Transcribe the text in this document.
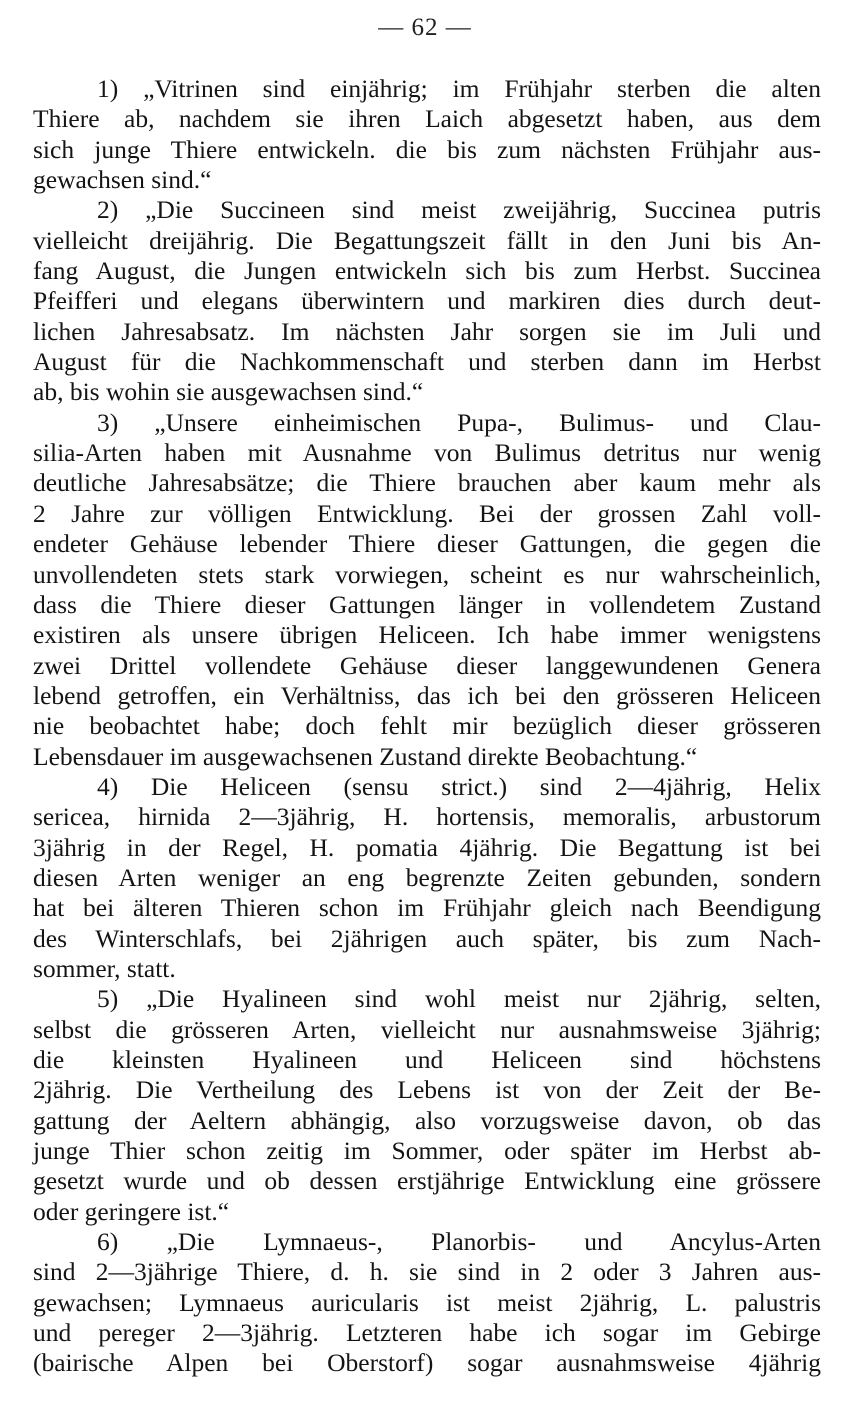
— 62 —
1) „Vitrinen sind einjährig; im Frühjahr sterben die alten
Thiere ab, nachdem sie ihren Laich abgesetzt haben, aus dem
sich junge Thiere entwickeln. die bis zum nächsten Frühjahr aus-
gewachsen sind.“
2) „Die Succineen sind meist zweijährig, Succinea putris
vielleicht dreijährig. Die Begattungszeit fällt in den Juni bis An-
fang August, die Jungen entwickeln sich bis zum Herbst. Succinea
Pfeifferi und elegans überwintern und markiren dies durch deut-
lichen Jahresabsatz. Im nächsten Jahr sorgen sie im Juli und
August für die Nachkommenschaft und sterben dann im Herbst
ab, bis wohin sie ausgewachsen sind.“
3) „Unsere einheimischen Pupa-, Bulimus- und Clau-
silia-Arten haben mit Ausnahme von Bulimus detritus nur wenig
deutliche Jahresabsätze; die Thiere brauchen aber kaum mehr als
2 Jahre zur völligen Entwicklung. Bei der grossen Zahl voll-
endeter Gehäuse lebender Thiere dieser Gattungen, die gegen die
unvollendeten stets stark vorwiegen, scheint es nur wahrscheinlich,
dass die Thiere dieser Gattungen länger in vollendetem Zustand
existiren als unsere übrigen Heliceen. Ich habe immer wenigstens
zwei Drittel vollendete Gehäuse dieser langgewundenen Genera
lebend getroffen, ein Verhältniss, das ich bei den grösseren Heliceen
nie beobachtet habe; doch fehlt mir bezüglich dieser grösseren
Lebensdauer im ausgewachsenen Zustand direkte Beobachtung.“
4) Die Heliceen (sensu strict.) sind 2—4jährig, Helix
sericea, hirnida 2—3jährig, H. hortensis, memoralis, arbustorum
3jährig in der Regel, H. pomatia 4jährig. Die Begattung ist bei
diesen Arten weniger an eng begrenzte Zeiten gebunden, sondern
hat bei älteren Thieren schon im Frühjahr gleich nach Beendigung
des Winterschlafs, bei 2jährigen auch später, bis zum Nach-
sommer, statt.
5) „Die Hyalineen sind wohl meist nur 2jährig, selten,
selbst die grösseren Arten, vielleicht nur ausnahmsweise 3jährig;
die kleinsten Hyalineen und Heliceen sind höchstens
2jährig. Die Vertheilung des Lebens ist von der Zeit der Be-
gattung der Aeltern abhängig, also vorzugsweise davon, ob das
junge Thier schon zeitig im Sommer, oder später im Herbst ab-
gesetzt wurde und ob dessen erstjährige Entwicklung eine grössere
oder geringere ist.“
6) „Die Lymnaeus-, Planorbis- und Ancylus-Arten
sind 2—3jährige Thiere, d. h. sie sind in 2 oder 3 Jahren aus-
gewachsen; Lymnaeus auricularis ist meist 2jährig, L. palustris
und pereger 2—3jährig. Letzteren habe ich sogar im Gebirge
(bairische Alpen bei Oberstorf) sogar ausnahmsweise 4jährig
